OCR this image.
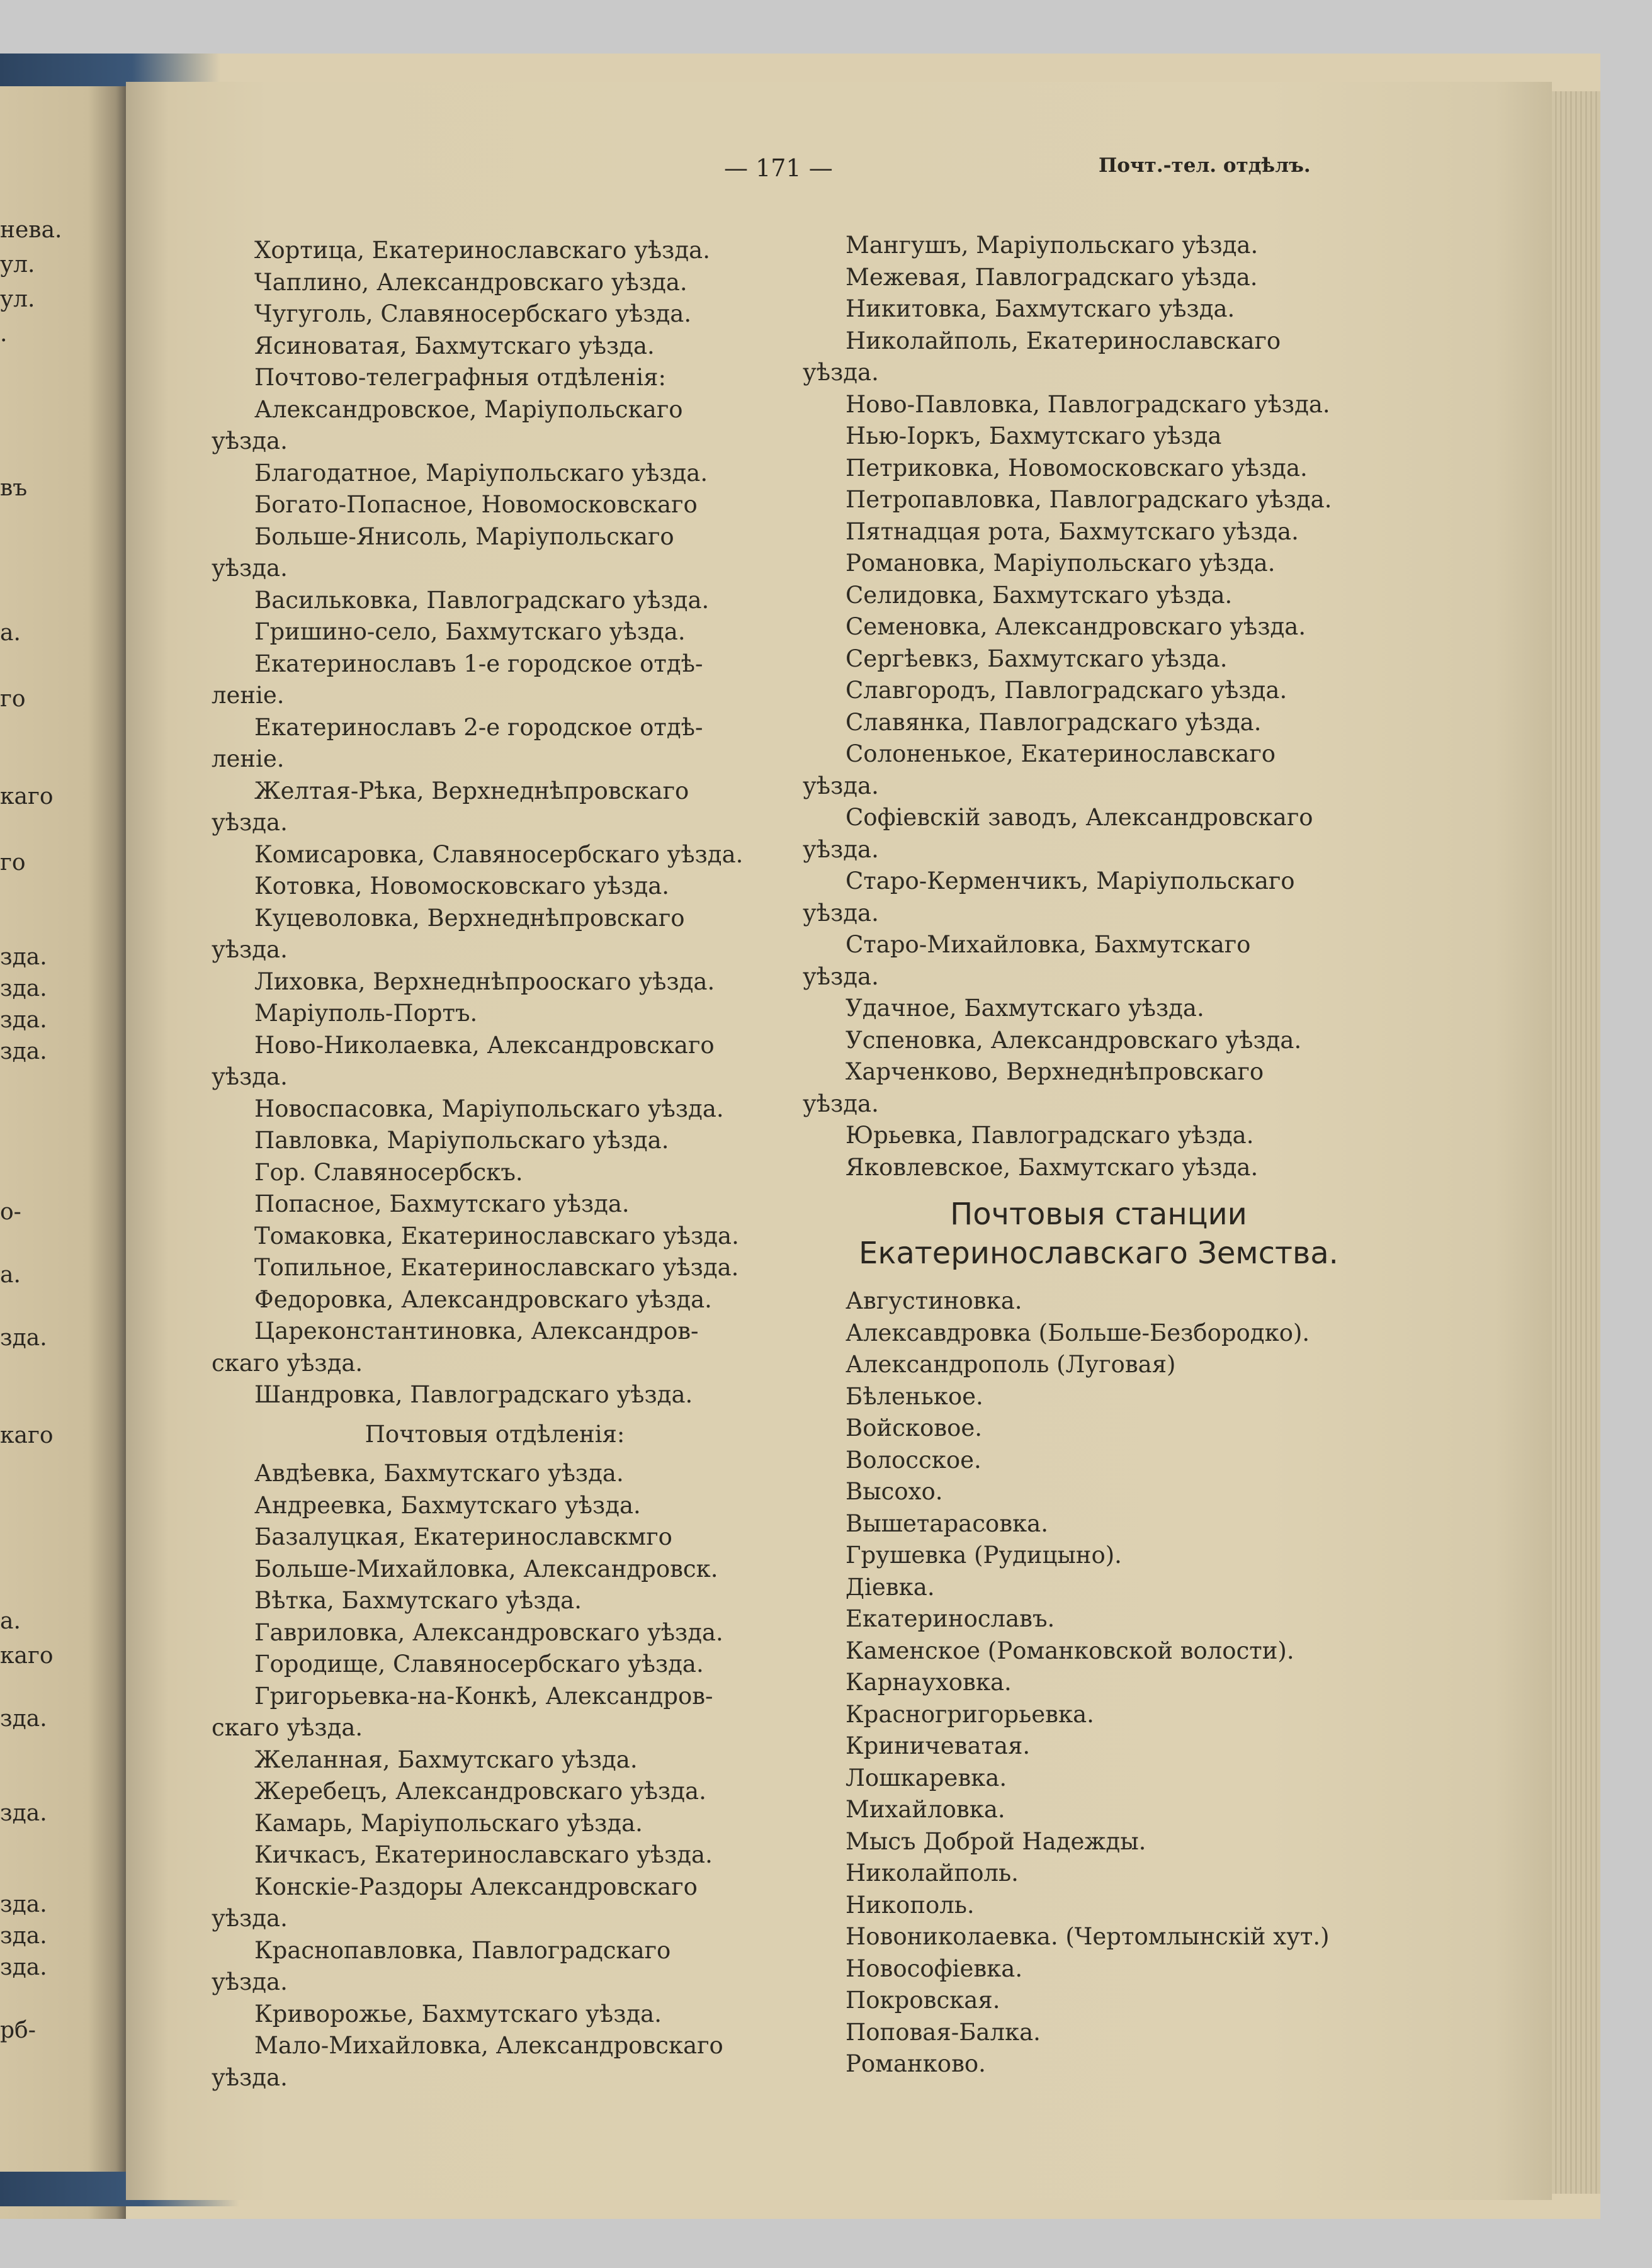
нева.
ул.
ул.
.
въ
а.
го
каго
го
зда.
зда.
зда.
зда.
о-
а.
зда.
каго
а.
каго
зда.
зда.
зда.
зда.
зда.
рб-
— 171 —	Почт.-тел. отдѣлъ.
Хортица, Екатеринославскаго уѣзда.
Чаплино, Александровскаго уѣзда.
Чугуголь, Славяносербскаго уѣзда.
Ясиноватая, Бахмутскаго уѣзда.
Почтово-телеграфныя отдѣленія:
Александровское, Маріупольскаго
уѣзда.
Благодатное, Маріупольскаго уѣзда.
Богато-Попасное, Новомосковскаго
Больше-Янисоль, Маріупольскаго
уѣзда.
Васильковка, Павлоградскаго уѣзда.
Гришино-село, Бахмутскаго уѣзда.
Екатеринославъ 1-е городское отдѣ-
леніе.
Екатеринославъ 2-е городское отдѣ-
леніе.
Желтая-Рѣка, Верхнеднѣпровскаго
уѣзда.
Комисаровка, Славяносербскаго уѣзда.
Котовка, Новомосковскаго уѣзда.
Куцеволовка, Верхнеднѣпровскаго
уѣзда.
Лиховка, Верхнеднѣпроoскаго уѣзда.
Маріуполь-Портъ.
Ново-Николаевка, Александровскаго
уѣзда.
Новоспасовка, Маріупольскаго уѣзда.
Павловка, Маріупольскаго уѣзда.
Гор. Славяносербскъ.
Попасное, Бахмутскаго уѣзда.
Томаковка, Екатеринославскаго уѣзда.
Топильное, Екатеринославскаго уѣзда.
Федоровка, Александровскаго уѣзда.
Цареконстантиновка, Александров-
скаго уѣзда.
Шандровка, Павлоградскаго уѣзда.
Почтовыя отдѣленія:
Авдѣевка, Бахмутскаго уѣзда.
Андреевка, Бахмутскаго уѣзда.
Базалуцкая, Екатеринославскмго
Больше-Михайловка, Александровск.
Вѣтка, Бахмутскаго уѣзда.
Гавриловка, Александровскаго уѣзда.
Городище, Славяносербскаго уѣзда.
Григорьевка-на-Конкѣ, Александров-
скаго уѣзда.
Желанная, Бахмутскаго уѣзда.
Жеребецъ, Александровскаго уѣзда.
Камарь, Маріупольскаго уѣзда.
Кичкасъ, Екатеринославскаго уѣзда.
Конскіе-Раздоры Александровскаго
уѣзда.
Краснопавловка, Павлоградскаго
уѣзда.
Криворожье, Бахмутскаго уѣзда.
Мало-Михайловка, Александровскаго
уѣзда.
Мангушъ, Маріупольскаго уѣзда.
Межевая, Павлоградскаго уѣзда.
Никитовка, Бахмутскаго уѣзда.
Николайполь, Екатеринославскаго
уѣзда.
Ново-Павловка, Павлоградскаго уѣзда.
Нью-Іоркъ, Бахмутскаго уѣзда
Петриковка, Новомосковскаго уѣзда.
Петропавловка, Павлоградскаго уѣзда.
Пятнадцая рота, Бахмутскаго уѣзда.
Романовка, Маріупольскаго уѣзда.
Селидовка, Бахмутскаго уѣзда.
Семеновка, Александровскаго уѣзда.
Сергѣевкз, Бахмутскаго уѣзда.
Славгородъ, Павлоградскаго уѣзда.
Славянка, Павлоградскаго уѣзда.
Солоненькое, Екатеринославскаго
уѣзда.
Софіевскій заводъ, Александровскаго
уѣзда.
Старо-Керменчикъ, Маріупольскаго
уѣзда.
Старо-Михайловка, Бахмутскаго
уѣзда.
Удачное, Бахмутскаго уѣзда.
Успеновка, Александровскаго уѣзда.
Харченково, Верхнеднѣпровскаго
уѣзда.
Юрьевка, Павлоградскаго уѣзда.
Яковлевское, Бахмутскаго уѣзда.
Почтовыя станции
Екатеринославскаго Земства.
Августиновка.
Алексавдровка (Больше-Безбородко).
Александрополь (Луговая)
Бѣленькое.
Войсковое.
Волосское.
Высохо.
Вышетарасовка.
Грушевка (Рудицыно).
Діевка.
Екатеринославъ.
Каменское (Романковской волости).
Карнауховка.
Красногригорьевка.
Криничеватая.
Лошкаревка.
Михайловка.
Мысъ Доброй Надежды.
Николайполь.
Никополь.
Новониколаевка. (Чертомлынскій хут.)
Новософіевка.
Покровская.
Поповая-Балка.
Романково.
